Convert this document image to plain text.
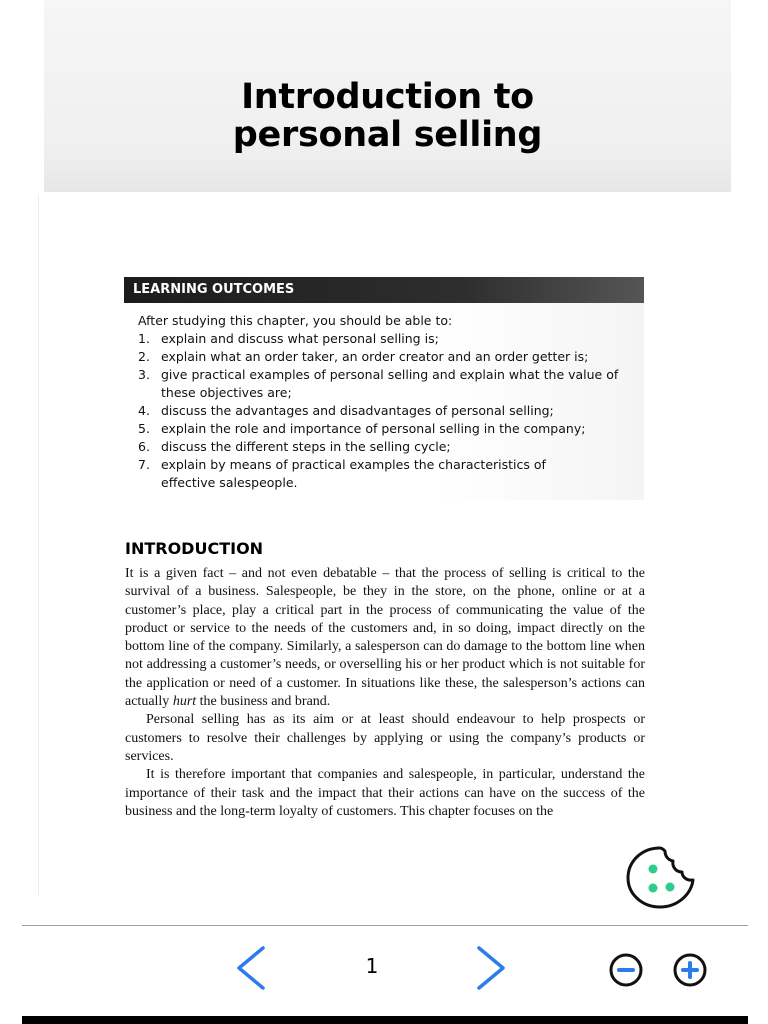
Introduction to
personal selling
LEARNING OUTCOMES

After studying this chapter, you should be able to:

1. explain and discuss what personal selling is;
2. explain what an order taker, an order creator and an order getter is;
3. give practical examples of personal selling and explain what the value of these objectives are;
4. discuss the advantages and disadvantages of personal selling;
5. explain the role and importance of personal selling in the company;
6. discuss the different steps in the selling cycle;
7. explain by means of practical examples the characteristics of effective salespeople.
INTRODUCTION

It is a given fact – and not even debatable – that the process of selling is critical to the survival of a business. Salespeople, be they in the store, on the phone, online or at a customer’s place, play a critical part in the process of communicating the value of the product or service to the needs of the customers and, in so doing, impact directly on the bottom line of the company. Similarly, a salesperson can do damage to the bottom line when not addressing a customer’s needs, or overselling his or her product which is not suitable for the application or need of a customer. In situations like these, the salesperson’s actions can actually hurt the business and brand.

Personal selling has as its aim or at least should endeavour to help prospects or customers to resolve their challenges by applying or using the company’s products or services.

It is therefore important that companies and salespeople, in particular, understand the importance of their task and the impact that their actions can have on the success of the business and the long-term loyalty of customers. This chapter focuses on the

1
